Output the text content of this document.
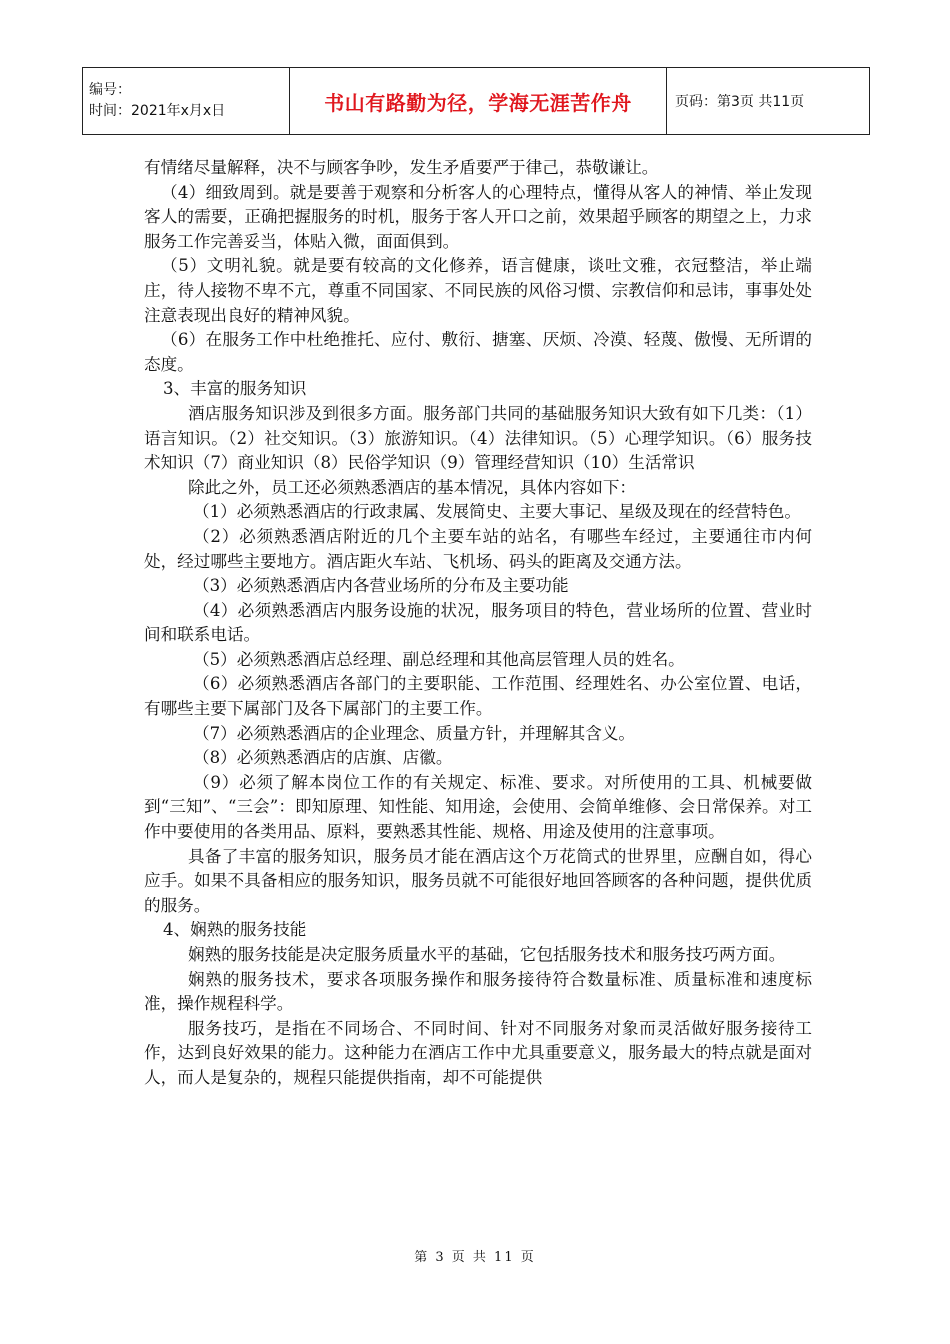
编号：
时间：2021年x月x日	书山有路勤为径，学海无涯苦作舟	页码：第3页 共11页

有情绪尽量解释，决不与顾客争吵，发生矛盾要严于律己，恭敬谦让。

（4）细致周到。就是要善于观察和分析客人的心理特点，懂得从客人的神情、举止发现客人的需要，正确把握服务的时机，服务于客人开口之前，效果超乎顾客的期望之上，力求服务工作完善妥当，体贴入微，面面俱到。

（5）文明礼貌。就是要有较高的文化修养，语言健康，谈吐文雅，衣冠整洁，举止端庄，待人接物不卑不亢，尊重不同国家、不同民族的风俗习惯、宗教信仰和忌讳，事事处处注意表现出良好的精神风貌。

（6）在服务工作中杜绝推托、应付、敷衍、搪塞、厌烦、冷漠、轻蔑、傲慢、无所谓的态度。

3、丰富的服务知识

酒店服务知识涉及到很多方面。服务部门共同的基础服务知识大致有如下几类：（1）语言知识。（2）社交知识。（3）旅游知识。（4）法律知识。（5）心理学知识。（6）服务技术知识（7）商业知识（8）民俗学知识（9）管理经营知识（10）生活常识

除此之外，员工还必须熟悉酒店的基本情况，具体内容如下：

（1）必须熟悉酒店的行政隶属、发展简史、主要大事记、星级及现在的经营特色。

（2）必须熟悉酒店附近的几个主要车站的站名，有哪些车经过，主要通往市内何处，经过哪些主要地方。酒店距火车站、飞机场、码头的距离及交通方法。

（3）必须熟悉酒店内各营业场所的分布及主要功能

（4）必须熟悉酒店内服务设施的状况，服务项目的特色，营业场所的位置、营业时间和联系电话。

（5）必须熟悉酒店总经理、副总经理和其他高层管理人员的姓名。

（6）必须熟悉酒店各部门的主要职能、工作范围、经理姓名、办公室位置、电话，有哪些主要下属部门及各下属部门的主要工作。

（7）必须熟悉酒店的企业理念、质量方针，并理解其含义。

（8）必须熟悉酒店的店旗、店徽。

（9）必须了解本岗位工作的有关规定、标准、要求。对所使用的工具、机械要做到“三知”、“三会”：即知原理、知性能、知用途，会使用、会简单维修、会日常保养。对工作中要使用的各类用品、原料，要熟悉其性能、规格、用途及使用的注意事项。

具备了丰富的服务知识，服务员才能在酒店这个万花筒式的世界里，应酬自如，得心应手。如果不具备相应的服务知识，服务员就不可能很好地回答顾客的各种问题，提供优质的服务。

4、娴熟的服务技能

娴熟的服务技能是决定服务质量水平的基础，它包括服务技术和服务技巧两方面。

娴熟的服务技术，要求各项服务操作和服务接待符合数量标准、质量标准和速度标准，操作规程科学。

服务技巧，是指在不同场合、不同时间、针对不同服务对象而灵活做好服务接待工作，达到良好效果的能力。这种能力在酒店工作中尤具重要意义，服务最大的特点就是面对人，而人是复杂的，规程只能提供指南，却不可能提供

第 3 页 共 11 页
